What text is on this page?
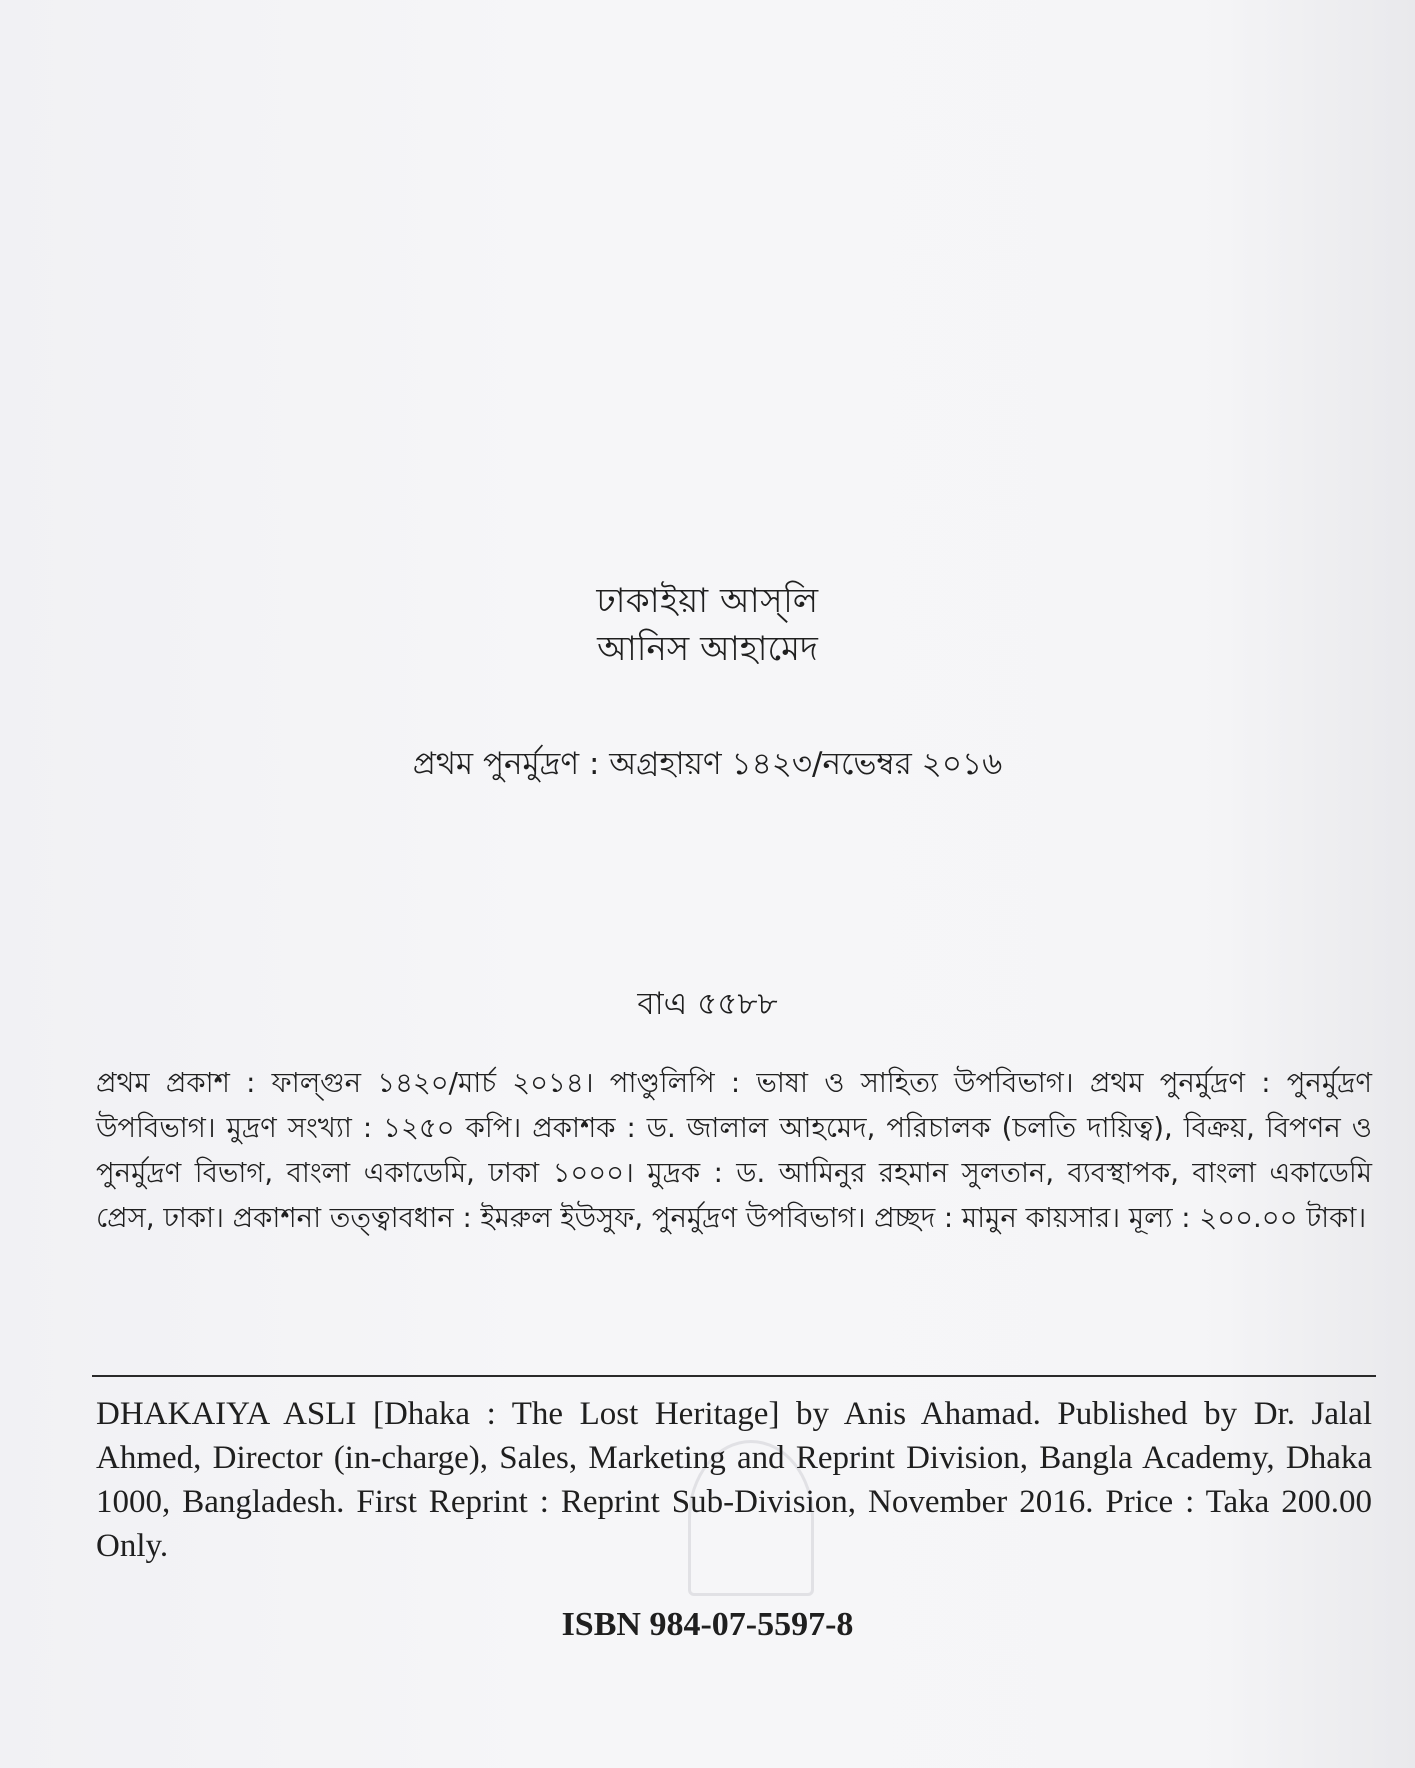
ঢাকাইয়া আস্‌লি
আনিস আহামেদ
প্রথম পুনর্মুদ্রণ : অগ্রহায়ণ ১৪২৩/নভেম্বর ২০১৬
বাএ ৫৫৮৮
প্রথম প্রকাশ : ফাল্গুন ১৪২০/মার্চ ২০১৪। পাণ্ডুলিপি : ভাষা ও সাহিত্য উপবিভাগ। প্রথম পুনর্মুদ্রণ : পুনর্মুদ্রণ উপবিভাগ। মুদ্রণ সংখ্যা : ১২৫০ কপি। প্রকাশক : ড. জালাল আহমেদ, পরিচালক (চলতি দায়িত্ব), বিক্রয়, বিপণন ও পুনর্মুদ্রণ বিভাগ, বাংলা একাডেমি, ঢাকা ১০০০। মুদ্রক : ড. আমিনুর রহমান সুলতান, ব্যবস্থাপক, বাংলা একাডেমি প্রেস, ঢাকা। প্রকাশনা তত্ত্বাবধান : ইমরুল ইউসুফ, পুনর্মুদ্রণ উপবিভাগ। প্রচ্ছদ : মামুন কায়সার। মূল্য : ২০০.০০ টাকা।
DHAKAIYA ASLI [Dhaka : The Lost Heritage] by Anis Ahamad. Published by Dr. Jalal Ahmed, Director (in-charge), Sales, Marketing and Reprint Division, Bangla Academy, Dhaka 1000, Bangladesh. First Reprint : Reprint Sub-Division, November 2016. Price : Taka 200.00 Only.
ISBN 984-07-5597-8
